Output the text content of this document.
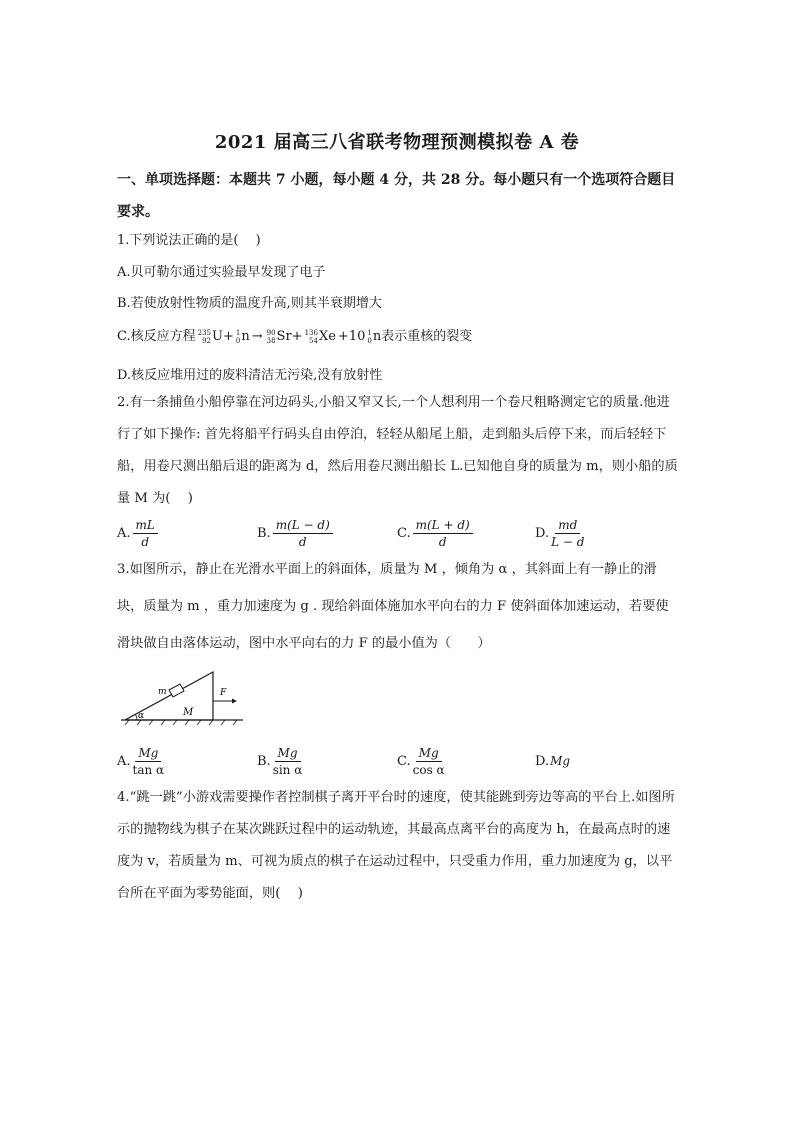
2021 届高三八省联考物理预测模拟卷 A 卷
一、单项选择题：本题共 7 小题，每小题 4 分，共 28 分。每小题只有一个选项符合题目要求。
1.下列说法正确的是(　 )
A.贝可勒尔通过实验最早发现了电子
B.若使放射性物质的温度升高,则其半衰期增大
C.核反应方程 235
92 U + 1
0 n → 90
38 Sr + 136
54 Xe + 10 1
0 n 表示重核的裂变
D.核反应堆用过的废料清洁无污染,没有放射性
2.有一条捕鱼小船停靠在河边码头,小船又窄又长,一个人想利用一个卷尺粗略测定它的质量.他进行了如下操作: 首先将船平行码头自由停泊，轻轻从船尾上船，走到船头后停下来，而后轻轻下船，用卷尺测出船后退的距离为 d，然后用卷尺测出船长 L.已知他自身的质量为 m，则小船的质量 M 为(　 )
A. $\frac{mL}{d}$	B. $\frac{m(L - d)}{d}$	C. $\frac{m(L + d)}{d}$	D. $\frac{md}{L - d}$
3.如图所示，静止在光滑水平面上的斜面体，质量为 M ，倾角为 α ，其斜面上有一静止的滑块，质量为 m ，重力加速度为 g . 现给斜面体施加水平向右的力 F 使斜面体加速运动，若要使滑块做自由落体运动，图中水平向右的力 F 的最小值为（　　）
α
m
M
F
A. $\frac{Mg}{\text{tan α}}$	B. $\frac{Mg}{\text{sin α}}$	C. $\frac{Mg}{\text{cos α}}$	D. Mg
4.“跳一跳”小游戏需要操作者控制棋子离开平台时的速度，使其能跳到旁边等高的平台上.如图所示的抛物线为棋子在某次跳跃过程中的运动轨迹，其最高点离平台的高度为 h，在最高点时的速度为 v，若质量为 m、可视为质点的棋子在运动过程中，只受重力作用，重力加速度为 g，以平台所在平面为零势能面，则(　 )
